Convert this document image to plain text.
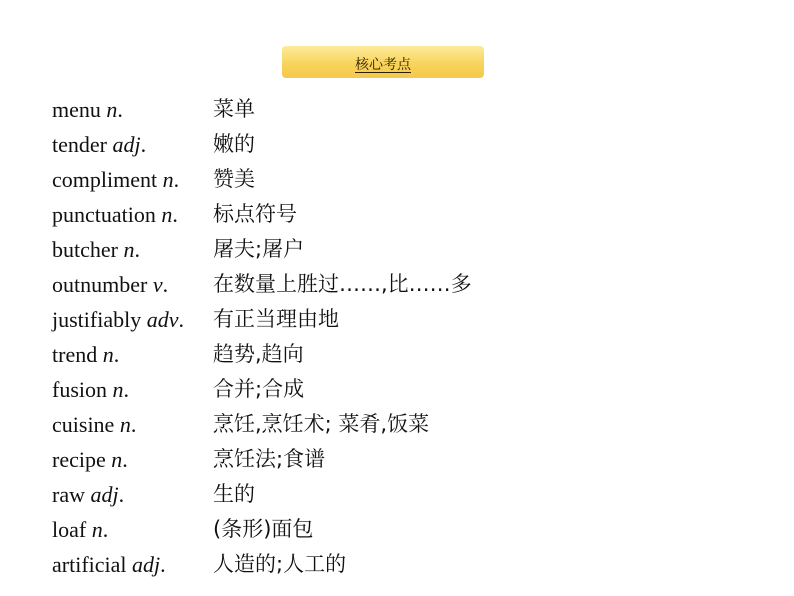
核心考点
menu n.	菜单
tender adj.	嫩的
compliment n.	赞美
punctuation n.	标点符号
butcher n.	屠夫;屠户
outnumber v.	在数量上胜过……,比……多
justifiably adv.	有正当理由地
trend n.	趋势,趋向
fusion n.	合并;合成
cuisine n.	烹饪,烹饪术; 菜肴,饭菜
recipe n.	烹饪法;食谱
raw adj.	生的
loaf n.	(条形)面包
artificial adj.	人造的;人工的
